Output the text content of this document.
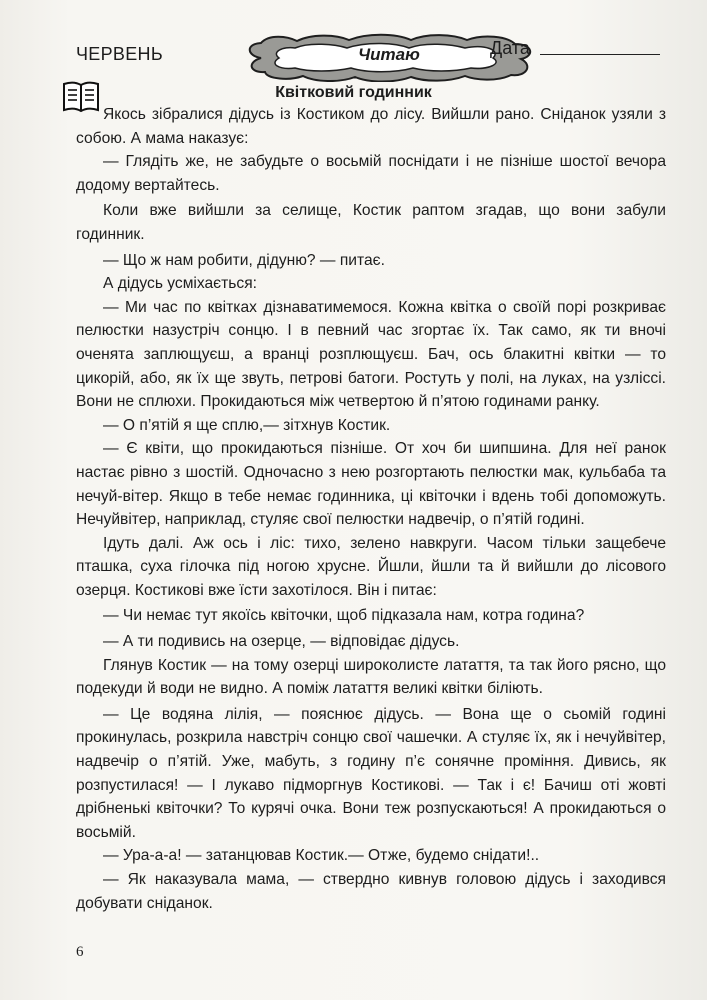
ЧЕРВЕНЬ	Читаю	Дата
Квітковий годинник

Якось зібралися дідусь із Костиком до лісу. Вийшли рано. Сніданок узяли з собою. А мама наказує:

— Глядіть же, не забудьте о восьмій поснідати і не пізніше шостої вечора додому вертайтесь.

Коли вже вийшли за селище, Костик раптом згадав, що вони забули годинник.

— Що ж нам робити, дідуню? — питає.

А дідусь усміхається:

— Ми час по квітках дізнаватимемося. Кожна квітка о своїй порі розкриває пелюстки назустріч сонцю. І в певний час згортає їх. Так само, як ти вночі оченята заплющуєш, а вранці розплющуєш. Бач, ось блакитні квітки — то цикорій, або, як їх ще звуть, петрові батоги. Ростуть у полі, на луках, на узліссі. Вони не сплюхи. Прокидаються між четвертою й п’ятою годинами ранку.

— О п’ятій я ще сплю,— зітхнув Костик.

— Є квіти, що прокидаються пізніше. От хоч би шипшина. Для неї ранок настає рівно з шостій. Одночасно з нею розгортають пелюстки мак, кульбаба та нечуй-вітер. Якщо в тебе немає годинника, ці квіточки і вдень тобі допоможуть. Нечуйвітер, наприклад, стуляє свої пелюстки надвечір, о п’ятій годині.

Ідуть далі. Аж ось і ліс: тихо, зелено навкруги. Часом тільки защебече пташка, суха гілочка під ногою хрусне. Йшли, йшли та й вийшли до лісового озерця. Костикові вже їсти захотілося. Він і питає:

— Чи немає тут якоїсь квіточки, щоб підказала нам, котра година?

— А ти подивись на озерце, — відповідає дідусь.

Глянув Костик — на тому озерці широколисте латаття, та так його рясно, що подекуди й води не видно. А поміж латаття великі квітки біліють.

— Це водяна лілія, — пояснює дідусь. — Вона ще о сьомій годині прокинулась, розкрила навстріч сонцю свої чашечки. А стуляє їх, як і нечуйвітер, надвечір о п’ятій. Уже, мабуть, з годину п’є сонячне проміння. Дивись, як розпустилася! — І лукаво підморгнув Костикові. — Так і є! Бачиш оті жовті дрібненькі квіточки? То курячі очка. Вони теж розпускаються! А прокидаються о восьмій.

— Ура-а-а! — затанцював Костик.— Отже, будемо снідати!..

— Як наказувала мама, — ствердно кивнув головою дідусь і заходився добувати сніданок.

6
